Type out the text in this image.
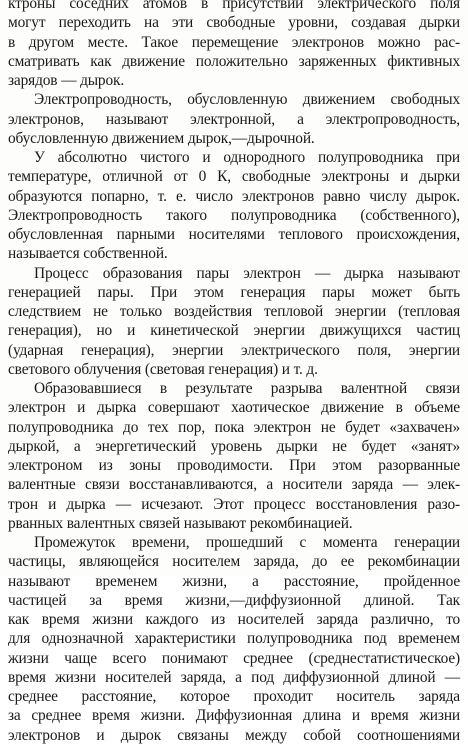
ктроны соседних атомов в присутствии электрического поля
могут переходить на эти свободные уровни, создавая дырки
в другом месте. Такое перемещение электронов можно рас-
сматривать как движение положительно заряженных фиктивных
зарядов — дырок.
Электропроводность, обусловленную движением свободных
электронов, называют электронной, а электропроводность,
обусловленную движением дырок,—дырочной.
У абсолютно чистого и однородного полупроводника при
температуре, отличной от 0 К, свободные электроны и дырки
образуются попарно, т. е. число электронов равно числу дырок.
Электропроводность такого полупроводника (собственного),
обусловленная парными носителями теплового происхождения,
называется собственной.
Процесс образования пары электрон — дырка называют
генерацией пары. При этом генерация пары может быть
следствием не только воздействия тепловой энергии (тепловая
генерация), но и кинетической энергии движущихся частиц
(ударная генерация), энергии электрического поля, энергии
светового облучения (световая генерация) и т. д.
Образовавшиеся в результате разрыва валентной связи
электрон и дырка совершают хаотическое движение в объеме
полупроводника до тех пор, пока электрон не будет «захвачен»
дыркой, а энергетический уровень дырки не будет «занят»
электроном из зоны проводимости. При этом разорванные
валентные связи восстанавливаются, а носители заряда — элек-
трон и дырка — исчезают. Этот процесс восстановления разо-
рванных валентных связей называют рекомбинацией.
Промежуток времени, прошедший с момента генерации
частицы, являющейся носителем заряда, до ее рекомбинации
называют временем жизни, а расстояние, пройденное
частицей за время жизни,—диффузионной длиной. Так
как время жизни каждого из носителей заряда различно, то
для однозначной характеристики полупроводника под временем
жизни чаще всего понимают среднее (среднестатистическое)
время жизни носителей заряда, а под диффузионной длиной —
среднее расстояние, которое проходит носитель заряда
за среднее время жизни. Диффузионная длина и время жизни
электронов и дырок связаны между собой соотношениями
